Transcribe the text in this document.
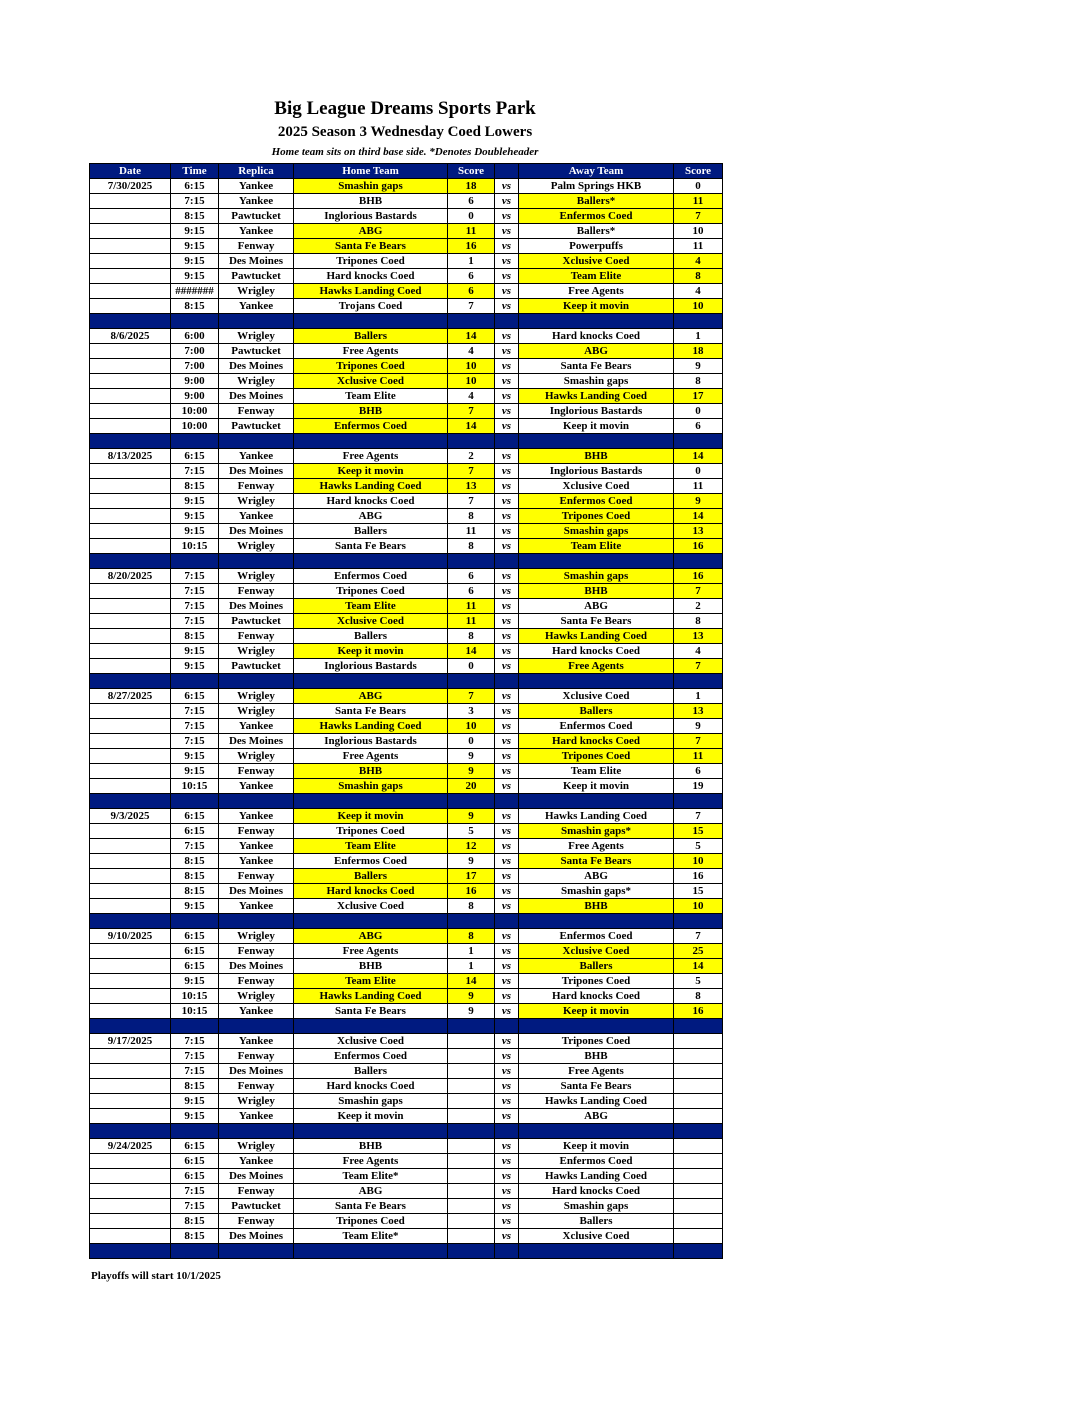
Big League Dreams Sports Park
2025 Season 3 Wednesday Coed Lowers
Home team sits on third base side. *Denotes Doubleheader
Date	Time	Replica	Home Team	Score		Away Team	Score
7/30/2025	6:15	Yankee	Smashin gaps	18	vs	Palm Springs HKB	0
	7:15	Yankee	BHB	6	vs	Ballers*	11
	8:15	Pawtucket	Inglorious Bastards	0	vs	Enfermos Coed	7
	9:15	Yankee	ABG	11	vs	Ballers*	10
	9:15	Fenway	Santa Fe Bears	16	vs	Powerpuffs	11
	9:15	Des Moines	Tripones Coed	1	vs	Xclusive Coed	4
	9:15	Pawtucket	Hard knocks Coed	6	vs	Team Elite	8
	#######	Wrigley	Hawks Landing Coed	6	vs	Free Agents	4
	8:15	Yankee	Trojans Coed	7	vs	Keep it movin	10

8/6/2025	6:00	Wrigley	Ballers	14	vs	Hard knocks Coed	1
	7:00	Pawtucket	Free Agents	4	vs	ABG	18
	7:00	Des Moines	Tripones Coed	10	vs	Santa Fe Bears	9
	9:00	Wrigley	Xclusive Coed	10	vs	Smashin gaps	8
	9:00	Des Moines	Team Elite	4	vs	Hawks Landing Coed	17
	10:00	Fenway	BHB	7	vs	Inglorious Bastards	0
	10:00	Pawtucket	Enfermos Coed	14	vs	Keep it movin	6

8/13/2025	6:15	Yankee	Free Agents	2	vs	BHB	14
	7:15	Des Moines	Keep it movin	7	vs	Inglorious Bastards	0
	8:15	Fenway	Hawks Landing Coed	13	vs	Xclusive Coed	11
	9:15	Wrigley	Hard knocks Coed	7	vs	Enfermos Coed	9
	9:15	Yankee	ABG	8	vs	Tripones Coed	14
	9:15	Des Moines	Ballers	11	vs	Smashin gaps	13
	10:15	Wrigley	Santa Fe Bears	8	vs	Team Elite	16

8/20/2025	7:15	Wrigley	Enfermos Coed	6	vs	Smashin gaps	16
	7:15	Fenway	Tripones Coed	6	vs	BHB	7
	7:15	Des Moines	Team Elite	11	vs	ABG	2
	7:15	Pawtucket	Xclusive Coed	11	vs	Santa Fe Bears	8
	8:15	Fenway	Ballers	8	vs	Hawks Landing Coed	13
	9:15	Wrigley	Keep it movin	14	vs	Hard knocks Coed	4
	9:15	Pawtucket	Inglorious Bastards	0	vs	Free Agents	7

8/27/2025	6:15	Wrigley	ABG	7	vs	Xclusive Coed	1
	7:15	Wrigley	Santa Fe Bears	3	vs	Ballers	13
	7:15	Yankee	Hawks Landing Coed	10	vs	Enfermos Coed	9
	7:15	Des Moines	Inglorious Bastards	0	vs	Hard knocks Coed	7
	9:15	Wrigley	Free Agents	9	vs	Tripones Coed	11
	9:15	Fenway	BHB	9	vs	Team Elite	6
	10:15	Yankee	Smashin gaps	20	vs	Keep it movin	19

9/3/2025	6:15	Yankee	Keep it movin	9	vs	Hawks Landing Coed	7
	6:15	Fenway	Tripones Coed	5	vs	Smashin gaps*	15
	7:15	Yankee	Team Elite	12	vs	Free Agents	5
	8:15	Yankee	Enfermos Coed	9	vs	Santa Fe Bears	10
	8:15	Fenway	Ballers	17	vs	ABG	16
	8:15	Des Moines	Hard knocks Coed	16	vs	Smashin gaps*	15
	9:15	Yankee	Xclusive Coed	8	vs	BHB	10

9/10/2025	6:15	Wrigley	ABG	8	vs	Enfermos Coed	7
	6:15	Fenway	Free Agents	1	vs	Xclusive Coed	25
	6:15	Des Moines	BHB	1	vs	Ballers	14
	9:15	Fenway	Team Elite	14	vs	Tripones Coed	5
	10:15	Wrigley	Hawks Landing Coed	9	vs	Hard knocks Coed	8
	10:15	Yankee	Santa Fe Bears	9	vs	Keep it movin	16

9/17/2025	7:15	Yankee	Xclusive Coed		vs	Tripones Coed	
	7:15	Fenway	Enfermos Coed		vs	BHB	
	7:15	Des Moines	Ballers		vs	Free Agents	
	8:15	Fenway	Hard knocks Coed		vs	Santa Fe Bears	
	9:15	Wrigley	Smashin gaps		vs	Hawks Landing Coed	
	9:15	Yankee	Keep it movin		vs	ABG	

9/24/2025	6:15	Wrigley	BHB		vs	Keep it movin	
	6:15	Yankee	Free Agents		vs	Enfermos Coed	
	6:15	Des Moines	Team Elite*		vs	Hawks Landing Coed	
	7:15	Fenway	ABG		vs	Hard knocks Coed	
	7:15	Pawtucket	Santa Fe Bears		vs	Smashin gaps	
	8:15	Fenway	Tripones Coed		vs	Ballers	
	8:15	Des Moines	Team Elite*		vs	Xclusive Coed	

Playoffs will start 10/1/2025
